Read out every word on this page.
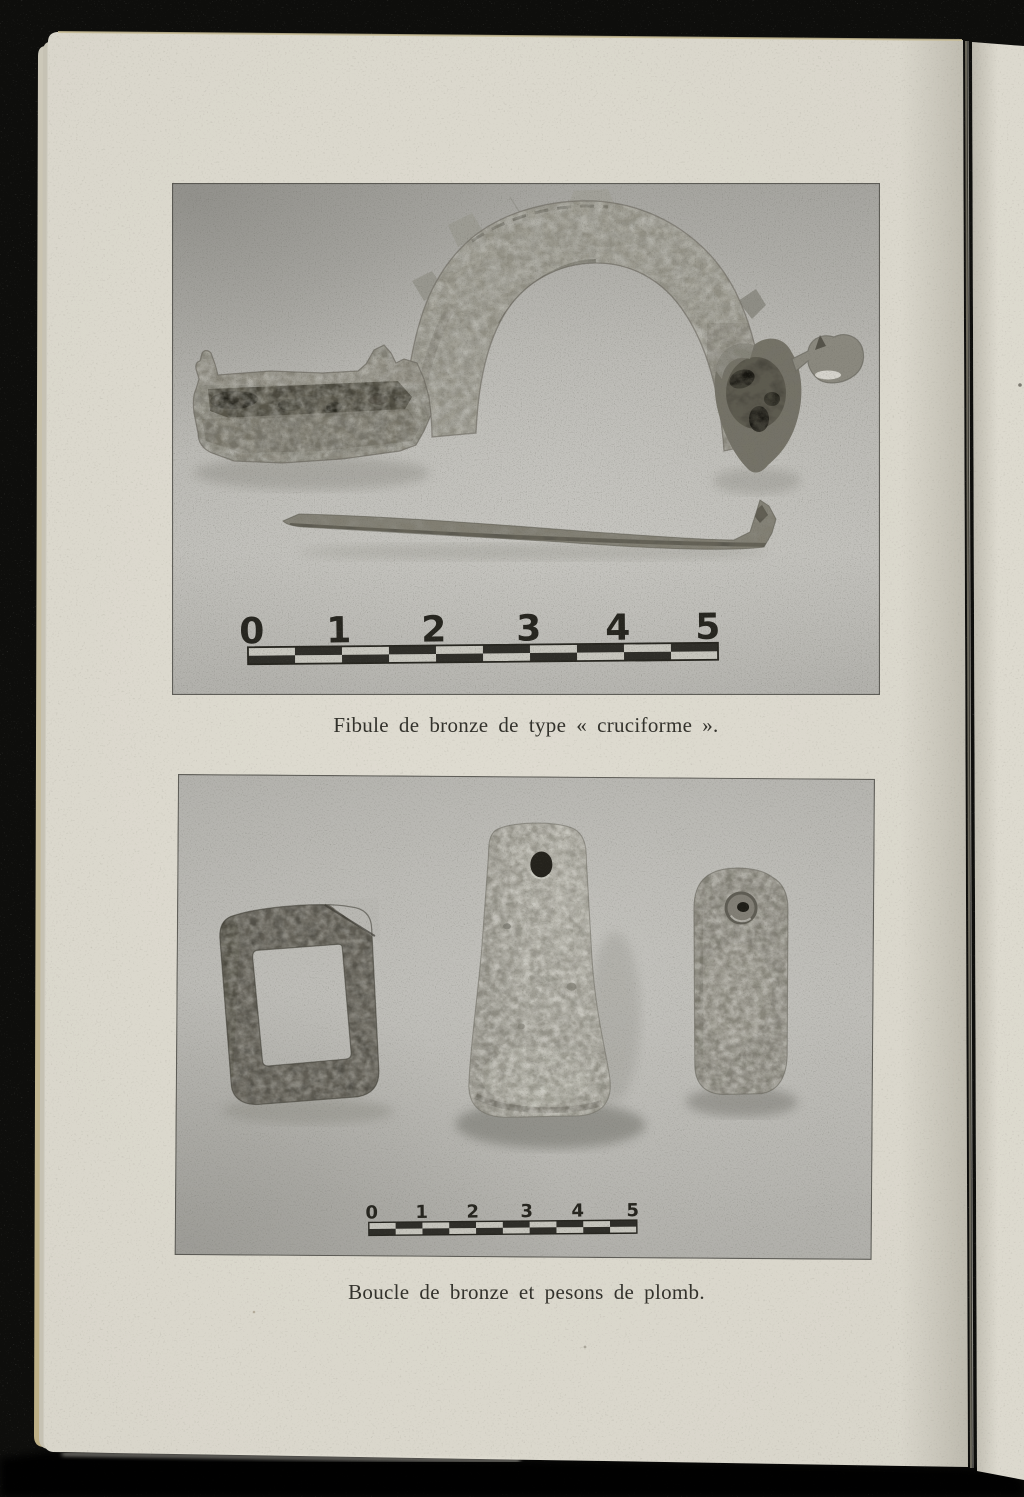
Fibule de bronze de type « cruciforme ».
Boucle de bronze et pesons de plomb.
